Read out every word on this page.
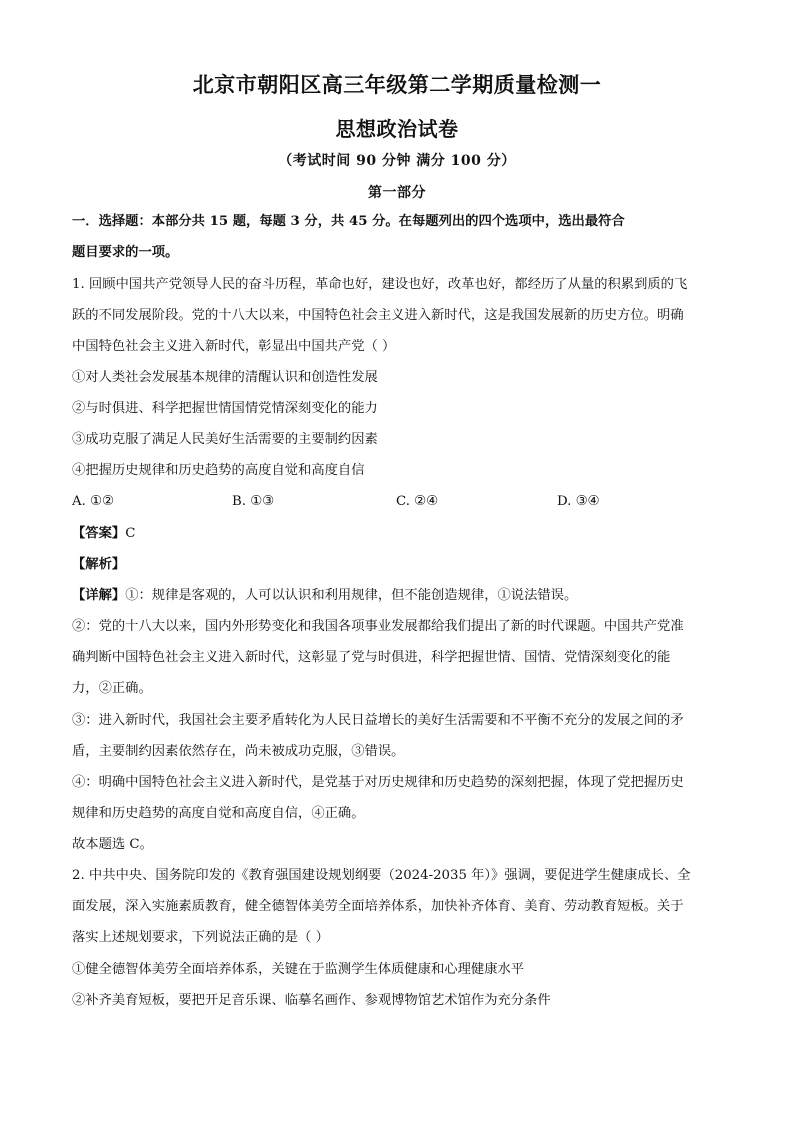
北京市朝阳区高三年级第二学期质量检测一
思想政治试卷
（考试时间 90 分钟 满分 100 分）
第一部分
一．选择题：本部分共 15 题，每题 3 分，共 45 分。在每题列出的四个选项中，选出最符合
题目要求的一项。
1. 回顾中国共产党领导人民的奋斗历程，革命也好，建设也好，改革也好，都经历了从量的积累到质的飞
跃的不同发展阶段。党的十八大以来，中国特色社会主义进入新时代，这是我国发展新的历史方位。明确
中国特色社会主义进入新时代，彰显出中国共产党（ ）
①对人类社会发展基本规律的清醒认识和创造性发展
②与时俱进、科学把握世情国情党情深刻变化的能力
③成功克服了满足人民美好生活需要的主要制约因素
④把握历史规律和历史趋势的高度自觉和高度自信
A. ①②	B. ①③	C. ②④	D. ③④
【答案】C
【解析】
【详解】①：规律是客观的，人可以认识和利用规律，但不能创造规律，①说法错误。
②：党的十八大以来，国内外形势变化和我国各项事业发展都给我们提出了新的时代课题。中国共产党准
确判断中国特色社会主义进入新时代，这彰显了党与时俱进，科学把握世情、国情、党情深刻变化的能
力，②正确。
③：进入新时代，我国社会主要矛盾转化为人民日益增长的美好生活需要和不平衡不充分的发展之间的矛
盾，主要制约因素依然存在，尚未被成功克服，③错误。
④：明确中国特色社会主义进入新时代，是党基于对历史规律和历史趋势的深刻把握，体现了党把握历史
规律和历史趋势的高度自觉和高度自信，④正确。
故本题选 C。
2. 中共中央、国务院印发的《教育强国建设规划纲要（2024-2035 年）》强调，要促进学生健康成长、全
面发展，深入实施素质教育，健全德智体美劳全面培养体系，加快补齐体育、美育、劳动教育短板。关于
落实上述规划要求，下列说法正确的是（ ）
①健全德智体美劳全面培养体系，关键在于监测学生体质健康和心理健康水平
②补齐美育短板，要把开足音乐课、临摹名画作、参观博物馆艺术馆作为充分条件
